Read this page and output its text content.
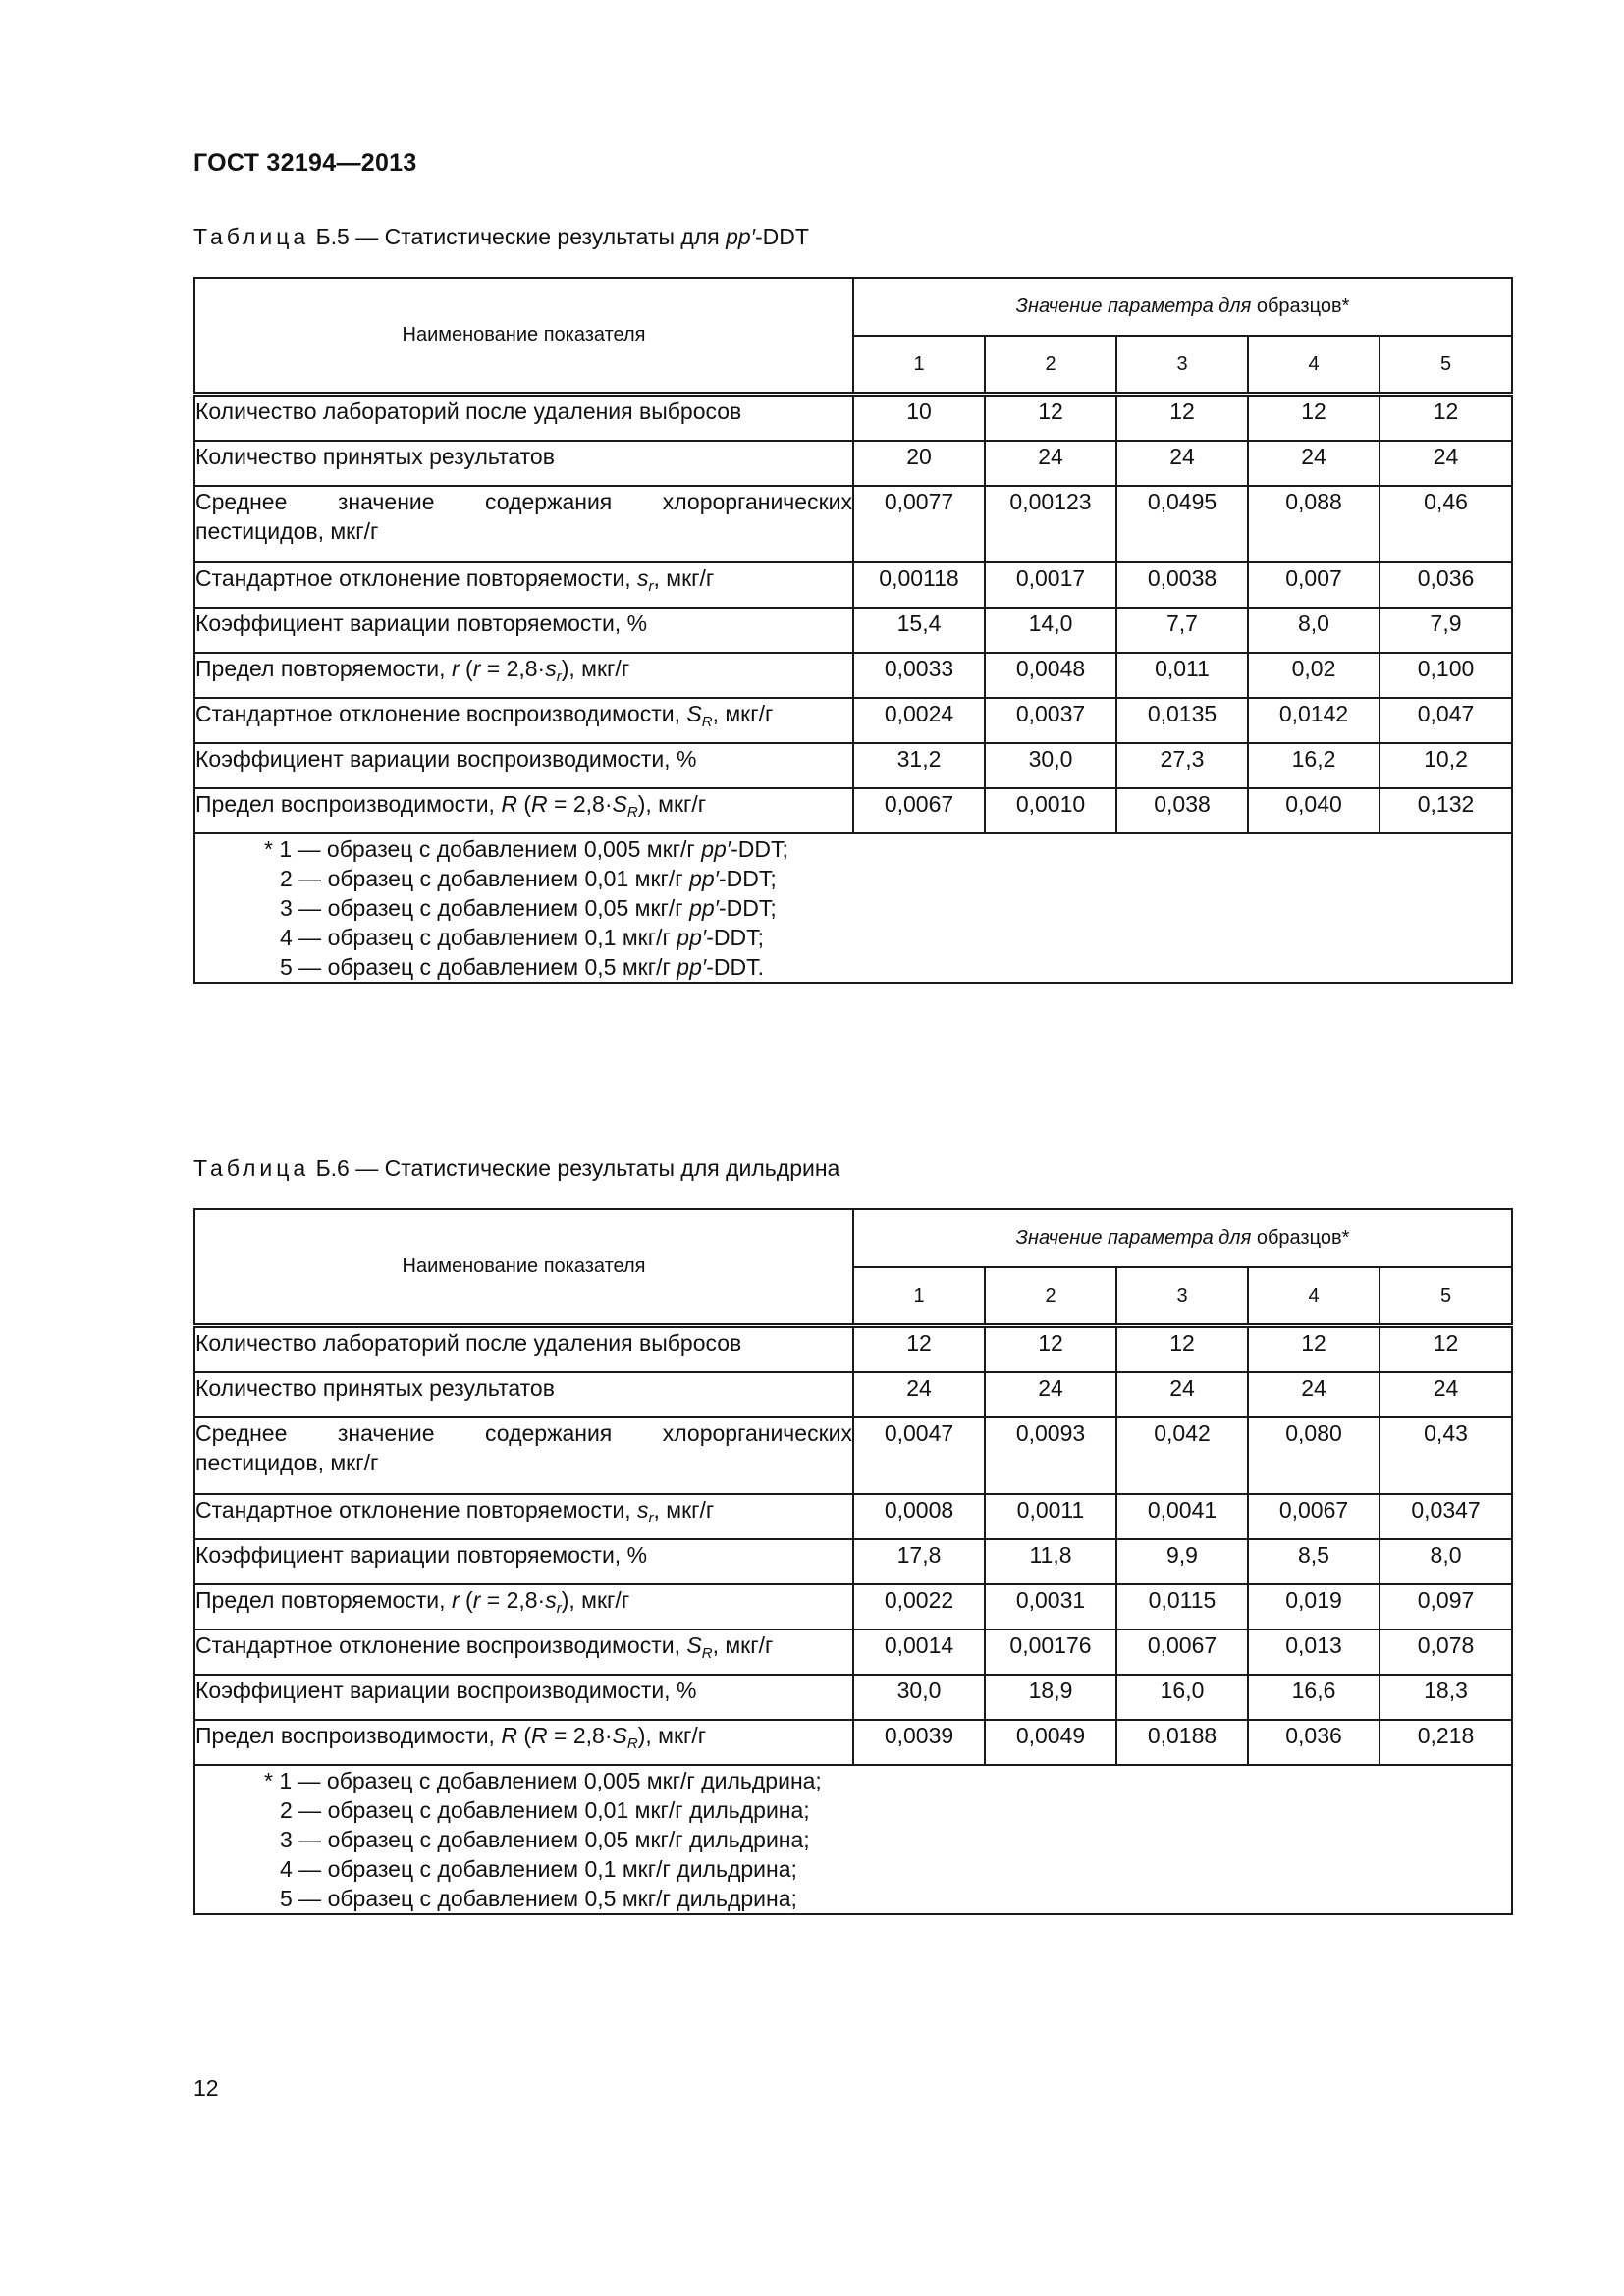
ГОСТ 32194—2013
Таблица Б.5 — Статистические результаты для pp′-DDT
Наименование показателя	Значение параметра для образцов*				
	1	2	3	4	5
Количество лабораторий после удаления выбросов	10	12	12	12	12
Количество принятых результатов	20	24	24	24	24
Среднее значение содержания хлорорганических пестицидов, мкг/г	0,0077	0,00123	0,0495	0,088	0,46
Стандартное отклонение повторяемости, $s_r$, мкг/г	0,00118	0,0017	0,0038	0,007	0,036
Коэффициент вариации повторяемости, %	15,4	14,0	7,7	8,0	7,9
Предел повторяемости, r $(r = 2,8\cdot s_r)$, мкг/г	0,0033	0,0048	0,011	0,02	0,100
Стандартное отклонение воспроизводимости, $S_R$, мкг/г	0,0024	0,0037	0,0135	0,0142	0,047
Коэффициент вариации воспроизводимости, %	31,2	30,0	27,3	16,2	10,2
Предел воспроизводимости, R $(R = 2,8\cdot S_R)$, мкг/г	0,0067	0,0010	0,038	0,040	0,132

* 1 — образец с добавлением 0,005 мкг/г pp′-DDT;
2 — образец с добавлением 0,01 мкг/г pp′-DDT;
3 — образец с добавлением 0,05 мкг/г pp′-DDT;
4 — образец с добавлением 0,1 мкг/г pp′-DDT;
5 — образец с добавлением 0,5 мкг/г pp′-DDT.					
Таблица Б.6 — Статистические результаты для дильдрина
Наименование показателя	Значение параметра для образцов*				
	1	2	3	4	5
Количество лабораторий после удаления выбросов	12	12	12	12	12
Количество принятых результатов	24	24	24	24	24
Среднее значение содержания хлорорганических пестицидов, мкг/г	0,0047	0,0093	0,042	0,080	0,43
Стандартное отклонение повторяемости, $s_r$, мкг/г	0,0008	0,0011	0,0041	0,0067	0,0347
Коэффициент вариации повторяемости, %	17,8	11,8	9,9	8,5	8,0
Предел повторяемости, r $(r = 2,8\cdot s_r)$, мкг/г	0,0022	0,0031	0,0115	0,019	0,097
Стандартное отклонение воспроизводимости, $S_R$, мкг/г	0,0014	0,00176	0,0067	0,013	0,078
Коэффициент вариации воспроизводимости, %	30,0	18,9	16,0	16,6	18,3
Предел воспроизводимости, R $(R = 2,8\cdot S_R)$, мкг/г	0,0039	0,0049	0,0188	0,036	0,218

* 1 — образец с добавлением 0,005 мкг/г дильдрина;
2 — образец с добавлением 0,01 мкг/г дильдрина;
3 — образец с добавлением 0,05 мкг/г дильдрина;
4 — образец с добавлением 0,1 мкг/г дильдрина;
5 — образец с добавлением 0,5 мкг/г дильдрина;					
12
